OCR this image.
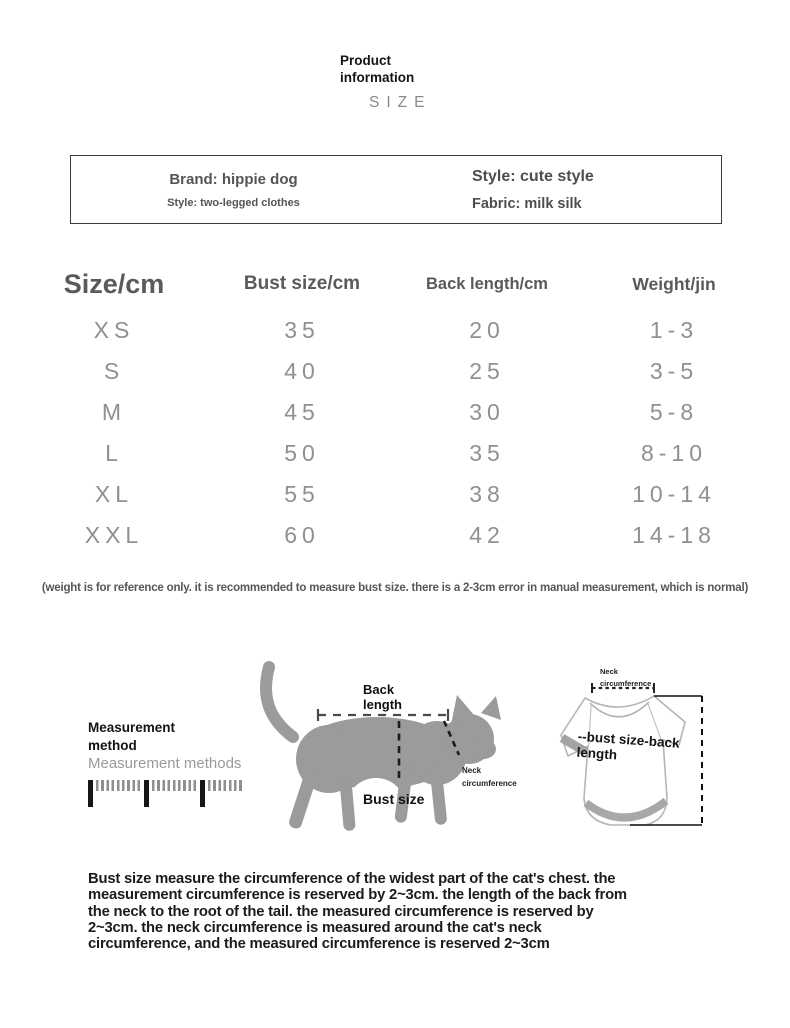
Product information
SIZE
Brand: hippie dog
Style: two-legged clothes
Style: cute style
Fabric: milk silk
Size/cm	Bust size/cm	Back length/cm	Weight/jin
XS	35	20	1-3
S	40	25	3-5
M	45	30	5-8
L	50	35	8-10
XL	55	38	10-14
XXL	60	42	14-18
(weight is for reference only. it is recommended to measure bust size. there is a 2-3cm error in manual measurement, which is normal)
Measurement method
Measurement methods
Back length
Bust size
Neck circumference
Neck circumference
--bust size-back length
Bust size measure the circumference of the widest part of the cat's chest. the measurement circumference is reserved by 2~3cm. the length of the back from the neck to the root of the tail. the measured circumference is reserved by 2~3cm. the neck circumference is measured around the cat's neck circumference, and the measured circumference is reserved 2~3cm
